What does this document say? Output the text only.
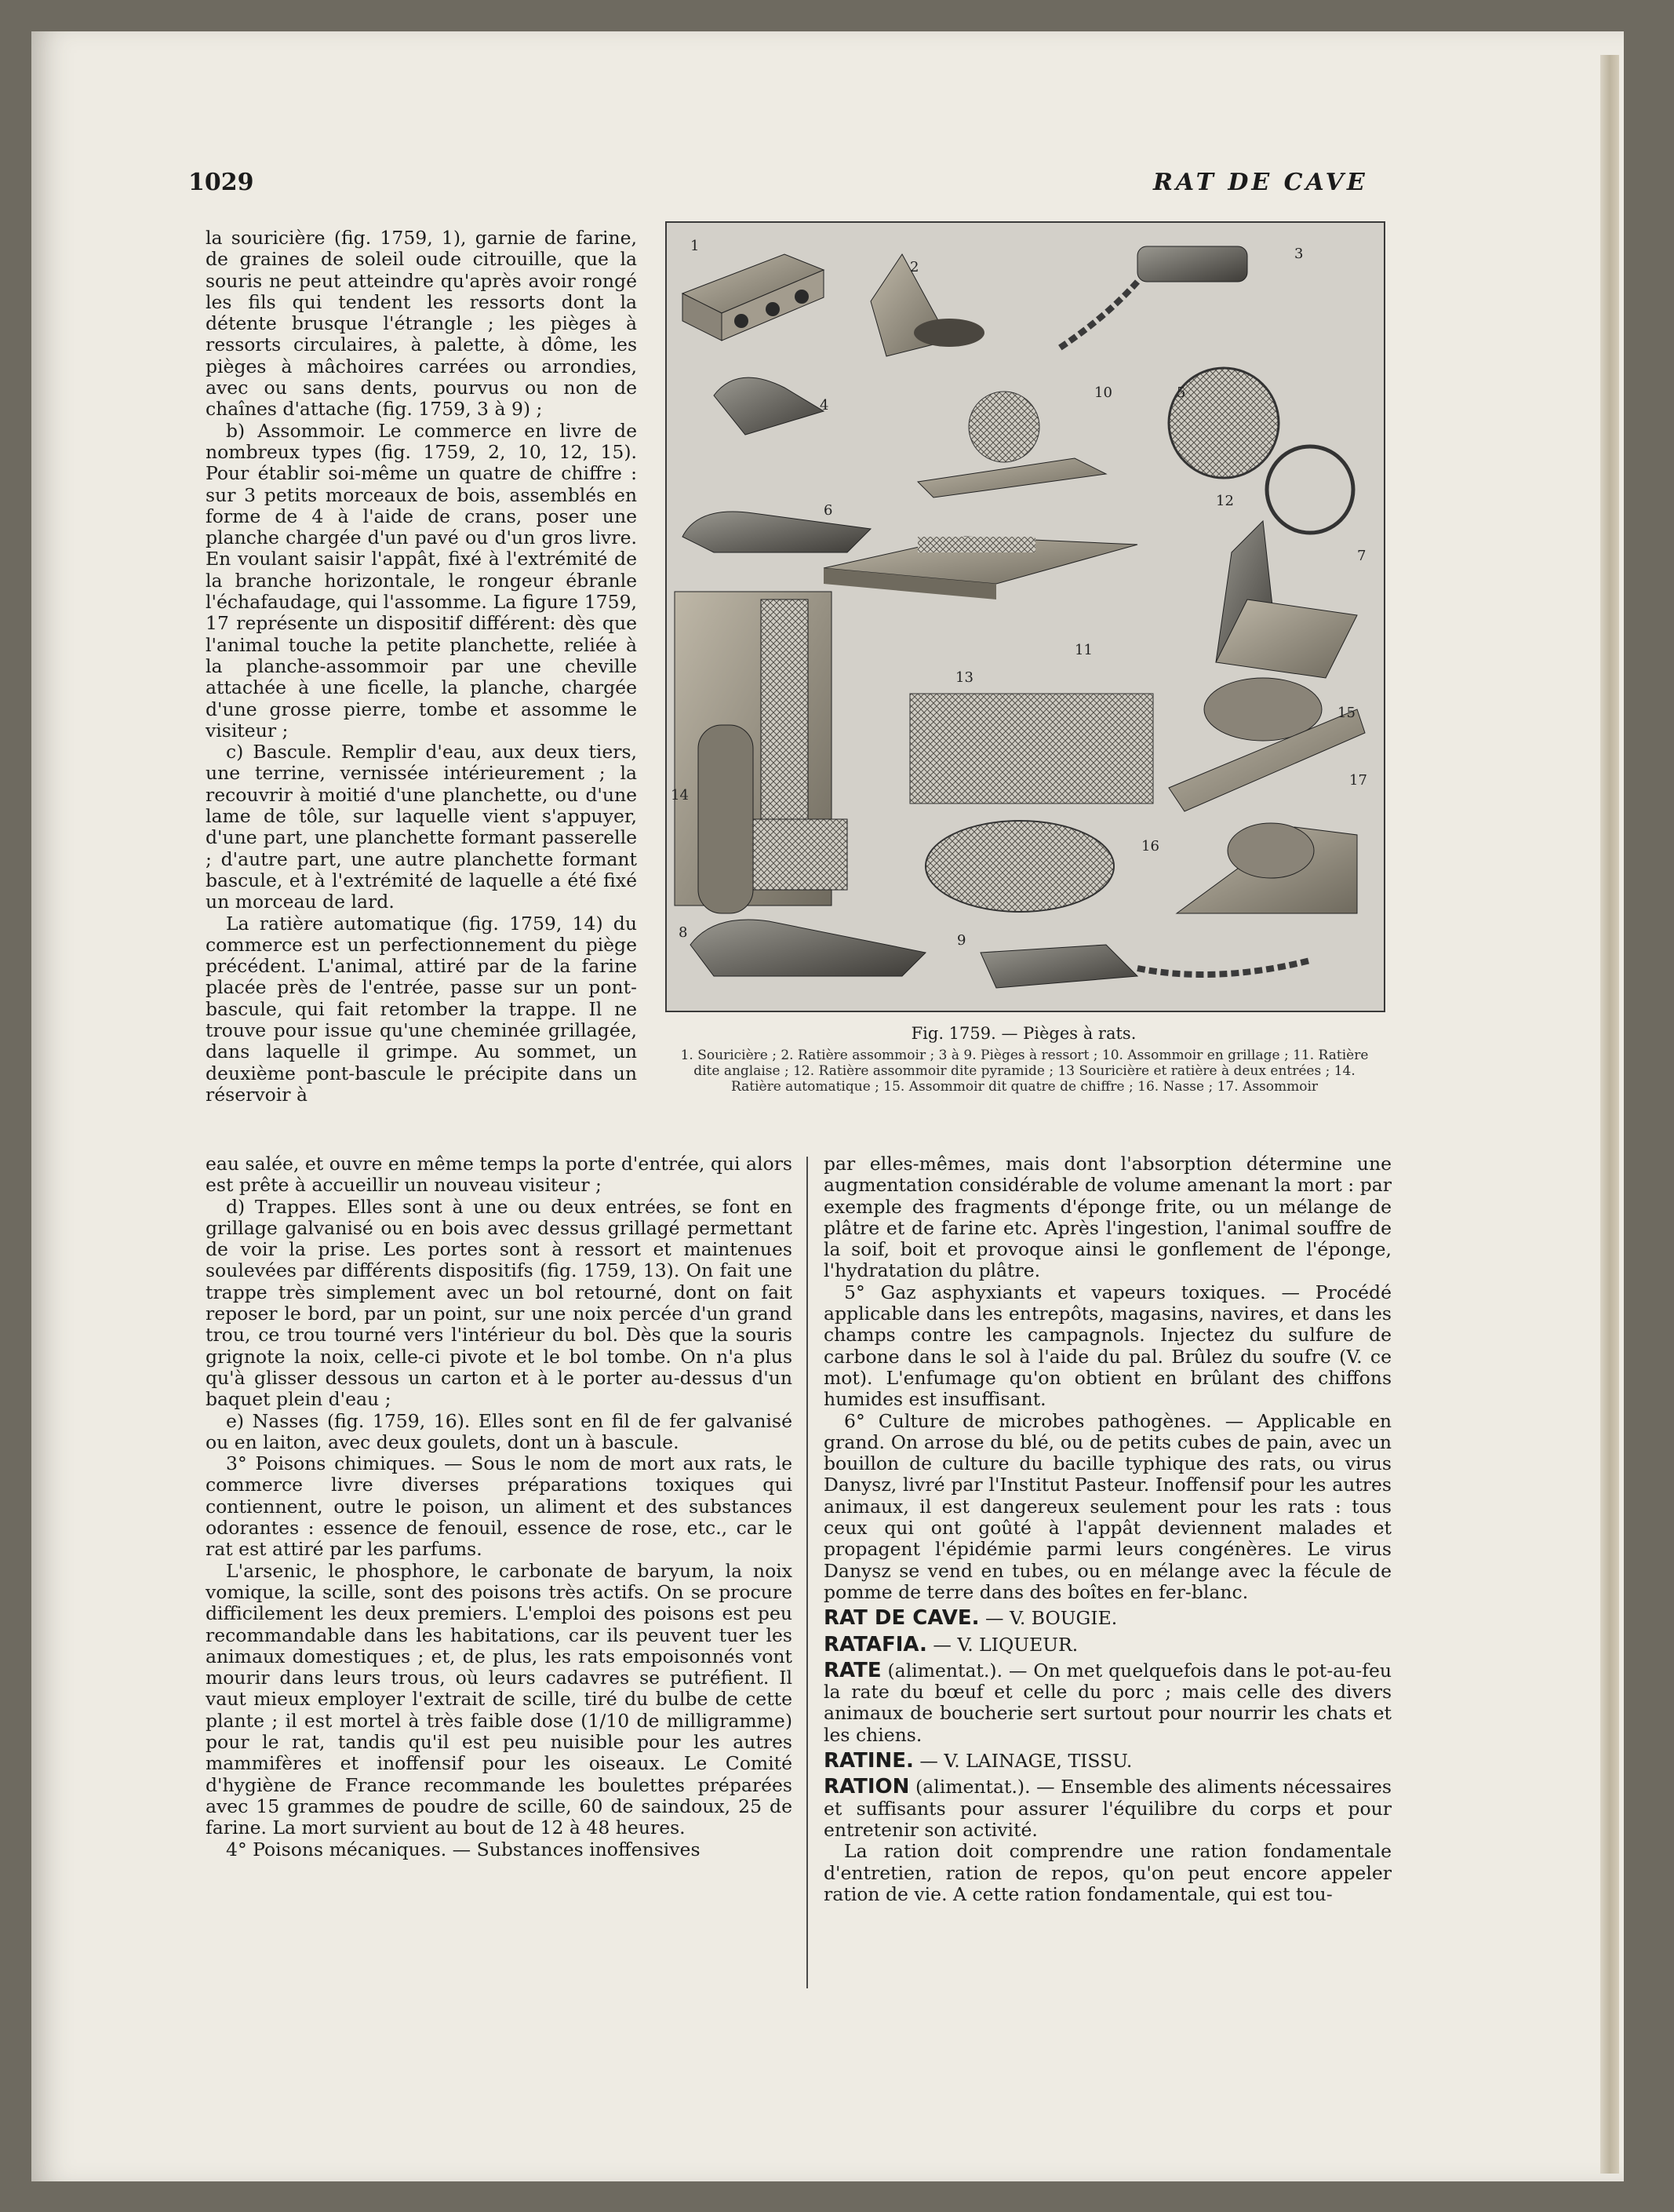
1029	RAT DE CAVE

la souricière (fig. 1759, 1), garnie de farine, de graines de soleil oude citrouille, que la souris ne peut atteindre qu'après avoir rongé les fils qui tendent les ressorts dont la détente brusque l'étrangle ; les pièges à ressorts circulaires, à palette, à dôme, les pièges à mâchoires carrées ou arrondies, avec ou sans dents, pourvus ou non de chaînes d'attache (fig. 1759, 3 à 9) ;

b) Assommoir. Le commerce en livre de nombreux types (fig. 1759, 2, 10, 12, 15). Pour établir soi-même un quatre de chiffre : sur 3 petits morceaux de bois, assemblés en forme de 4 à l'aide de crans, poser une planche chargée d'un pavé ou d'un gros livre. En voulant saisir l'appât, fixé à l'extrémité de la branche horizontale, le rongeur ébranle l'échafaudage, qui l'assomme. La figure 1759, 17 représente un dispositif différent: dès que l'animal touche la petite planchette, reliée à la planche-assommoir par une cheville attachée à une ficelle, la planche, chargée d'une grosse pierre, tombe et assomme le visiteur ;

c) Bascule. Remplir d'eau, aux deux tiers, une terrine, vernissée intérieurement ; la recouvrir à moitié d'une planchette, ou d'une lame de tôle, sur laquelle vient s'appuyer, d'une part, une planchette formant passerelle ; d'autre part, une autre planchette formant bascule, et à l'extrémité de laquelle a été fixé un morceau de lard.

La ratière automatique (fig. 1759, 14) du commerce est un perfectionnement du piège précédent. L'animal, attiré par de la farine placée près de l'entrée, passe sur un pont-bascule, qui fait retomber la trappe. Il ne trouve pour issue qu'une cheminée grillagée, dans laquelle il grimpe. Au sommet, un deuxième pont-bascule le précipite dans un réservoir à

1
2
3
4
10	5
12
6
7
11
13
15
14
17
16
8	9
Fig. 1759. — Pièges à rats.
1. Souricière ; 2. Ratière assommoir ; 3 à 9. Pièges à ressort ; 10. Assommoir en grillage ; 11. Ratière dite anglaise ; 12. Ratière assommoir dite pyramide ; 13 Souricière et ratière à deux entrées ; 14. Ratière automatique ; 15. Assommoir dit quatre de chiffre ; 16. Nasse ; 17. Assommoir

eau salée, et ouvre en même temps la porte d'entrée, qui alors est prête à accueillir un nouveau visiteur ;

d) Trappes. Elles sont à une ou deux entrées, se font en grillage galvanisé ou en bois avec dessus grillagé permettant de voir la prise. Les portes sont à ressort et maintenues soulevées par différents dispositifs (fig. 1759, 13). On fait une trappe très simplement avec un bol retourné, dont on fait reposer le bord, par un point, sur une noix percée d'un grand trou, ce trou tourné vers l'intérieur du bol. Dès que la souris grignote la noix, celle-ci pivote et le bol tombe. On n'a plus qu'à glisser dessous un carton et à le porter au-dessus d'un baquet plein d'eau ;

e) Nasses (fig. 1759, 16). Elles sont en fil de fer galvanisé ou en laiton, avec deux goulets, dont un à bascule.

3° Poisons chimiques. — Sous le nom de mort aux rats, le commerce livre diverses préparations toxiques qui contiennent, outre le poison, un aliment et des substances odorantes : essence de fenouil, essence de rose, etc., car le rat est attiré par les parfums.

L'arsenic, le phosphore, le carbonate de baryum, la noix vomique, la scille, sont des poisons très actifs. On se procure difficilement les deux premiers. L'emploi des poisons est peu recommandable dans les habitations, car ils peuvent tuer les animaux domestiques ; et, de plus, les rats empoisonnés vont mourir dans leurs trous, où leurs cadavres se putréfient. Il vaut mieux employer l'extrait de scille, tiré du bulbe de cette plante ; il est mortel à très faible dose (1/10 de milligramme) pour le rat, tandis qu'il est peu nuisible pour les autres mammifères et inoffensif pour les oiseaux. Le Comité d'hygiène de France recommande les boulettes préparées avec 15 grammes de poudre de scille, 60 de saindoux, 25 de farine. La mort survient au bout de 12 à 48 heures.

4° Poisons mécaniques. — Substances inoffensives

par elles-mêmes, mais dont l'absorption détermine une augmentation considérable de volume amenant la mort : par exemple des fragments d'éponge frite, ou un mélange de plâtre et de farine etc. Après l'ingestion, l'animal souffre de la soif, boit et provoque ainsi le gonflement de l'éponge, l'hydratation du plâtre.

5° Gaz asphyxiants et vapeurs toxiques. — Procédé applicable dans les entrepôts, magasins, navires, et dans les champs contre les campagnols. Injectez du sulfure de carbone dans le sol à l'aide du pal. Brûlez du soufre (V. ce mot). L'enfumage qu'on obtient en brûlant des chiffons humides est insuffisant.

6° Culture de microbes pathogènes. — Applicable en grand. On arrose du blé, ou de petits cubes de pain, avec un bouillon de culture du bacille typhique des rats, ou virus Danysz, livré par l'Institut Pasteur. Inoffensif pour les autres animaux, il est dangereux seulement pour les rats : tous ceux qui ont goûté à l'appât deviennent malades et propagent l'épidémie parmi leurs congénères. Le virus Danysz se vend en tubes, ou en mélange avec la fécule de pomme de terre dans des boîtes en fer-blanc.

RAT DE CAVE. — V. BOUGIE.

RATAFIA. — V. LIQUEUR.

RATE (alimentat.). — On met quelquefois dans le pot-au-feu la rate du bœuf et celle du porc ; mais celle des divers animaux de boucherie sert surtout pour nourrir les chats et les chiens.

RATINE. — V. LAINAGE, TISSU.

RATION (alimentat.). — Ensemble des aliments nécessaires et suffisants pour assurer l'équilibre du corps et pour entretenir son activité.

La ration doit comprendre une ration fondamentale d'entretien, ration de repos, qu'on peut encore appeler ration de vie. A cette ration fondamentale, qui est tou-
